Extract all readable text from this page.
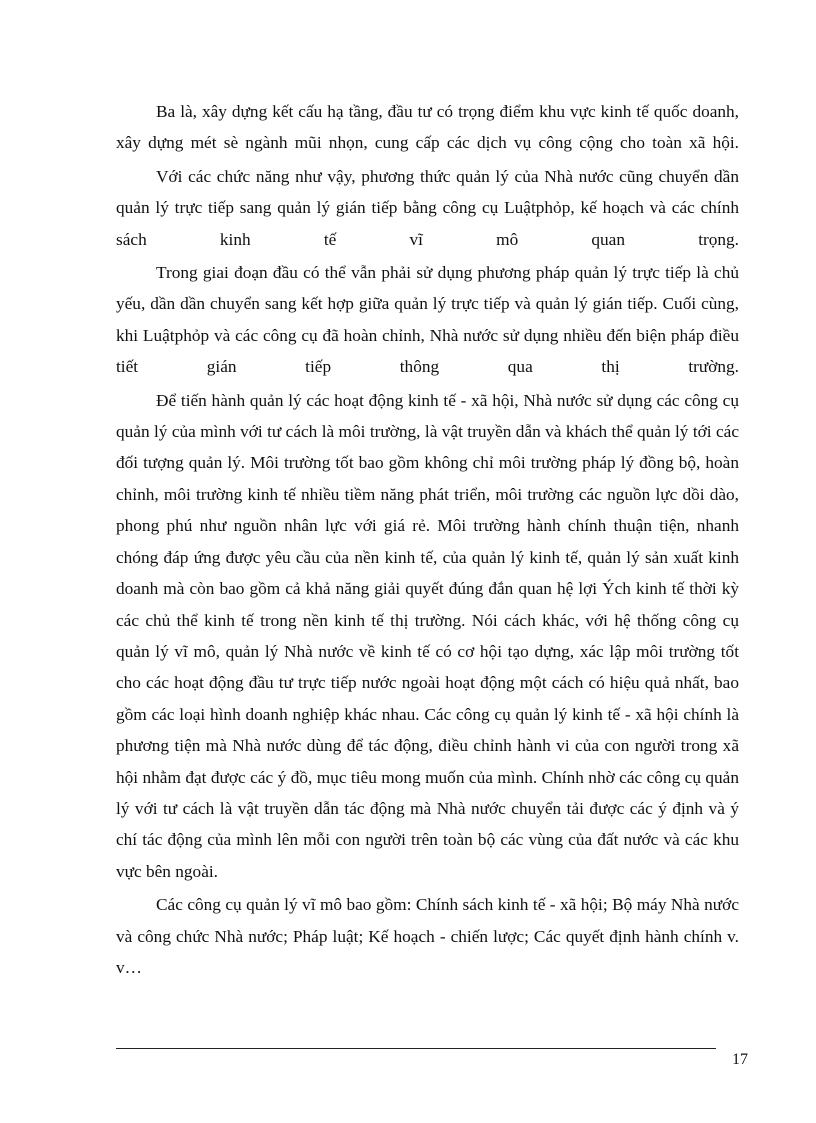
Ba là, xây dựng kết cấu hạ tầng, đầu tư có trọng điểm khu vực kinh tế quốc doanh, xây dựng mét sè ngành mũi nhọn, cung cấp các dịch vụ công cộng cho toàn xã hội.

Với các chức năng như vậy, phương thức quản lý của Nhà nước cũng chuyển dần quản lý trực tiếp sang quản lý gián tiếp bằng công cụ Luậtphỏp, kế hoạch và các chính sách kinh tế vĩ mô quan trọng.

Trong giai đoạn đầu có thể vẫn phải sử dụng phương pháp quản lý trực tiếp là chủ yếu, dần dần chuyển sang kết hợp giữa quản lý trực tiếp và quản lý gián tiếp. Cuối cùng, khi Luậtphỏp và các công cụ đã hoàn chỉnh, Nhà nước sử dụng nhiều đến biện pháp điều tiết gián tiếp thông qua thị trường.

Để tiến hành quản lý các hoạt động kinh tế - xã hội, Nhà nước sử dụng các công cụ quản lý của mình với tư cách là môi trường, là vật truyền dẫn và khách thể quản lý tới các đối tượng quản lý. Môi trường tốt bao gồm không chỉ môi trường pháp lý đồng bộ, hoàn chỉnh, môi trường kinh tế nhiều tiềm năng phát triển, môi trường các nguồn lực dồi dào, phong phú như nguồn nhân lực với giá rẻ. Môi trường hành chính thuận tiện, nhanh chóng đáp ứng được yêu cầu của nền kinh tế, của quản lý kinh tế, quản lý sản xuất kinh doanh mà còn bao gồm cả khả năng giải quyết đúng đắn quan hệ lợi Ých kinh tế thời kỳ các chủ thể kinh tế trong nền kinh tế thị trường. Nói cách khác, với hệ thống công cụ quản lý vĩ mô, quản lý Nhà nước về kinh tế có cơ hội tạo dựng, xác lập môi trường tốt cho các hoạt động đầu tư trực tiếp nước ngoài hoạt động một cách có hiệu quả nhất, bao gồm các loại hình doanh nghiệp khác nhau. Các công cụ quản lý kinh tế - xã hội chính là phương tiện mà Nhà nước dùng để tác động, điều chỉnh hành vi của con người trong xã hội nhằm đạt được các ý đồ, mục tiêu mong muốn của mình. Chính nhờ các công cụ quản lý với tư cách là vật truyền dẫn tác động mà Nhà nước chuyển tải được các ý định và ý chí tác động của mình lên mỗi con người trên toàn bộ các vùng của đất nước và các khu vực bên ngoài.

Các công cụ quản lý vĩ mô bao gồm: Chính sách kinh tế - xã hội; Bộ máy Nhà nước và công chức Nhà nước; Pháp luật; Kế hoạch - chiến lược; Các quyết định hành chính v. v…

17
